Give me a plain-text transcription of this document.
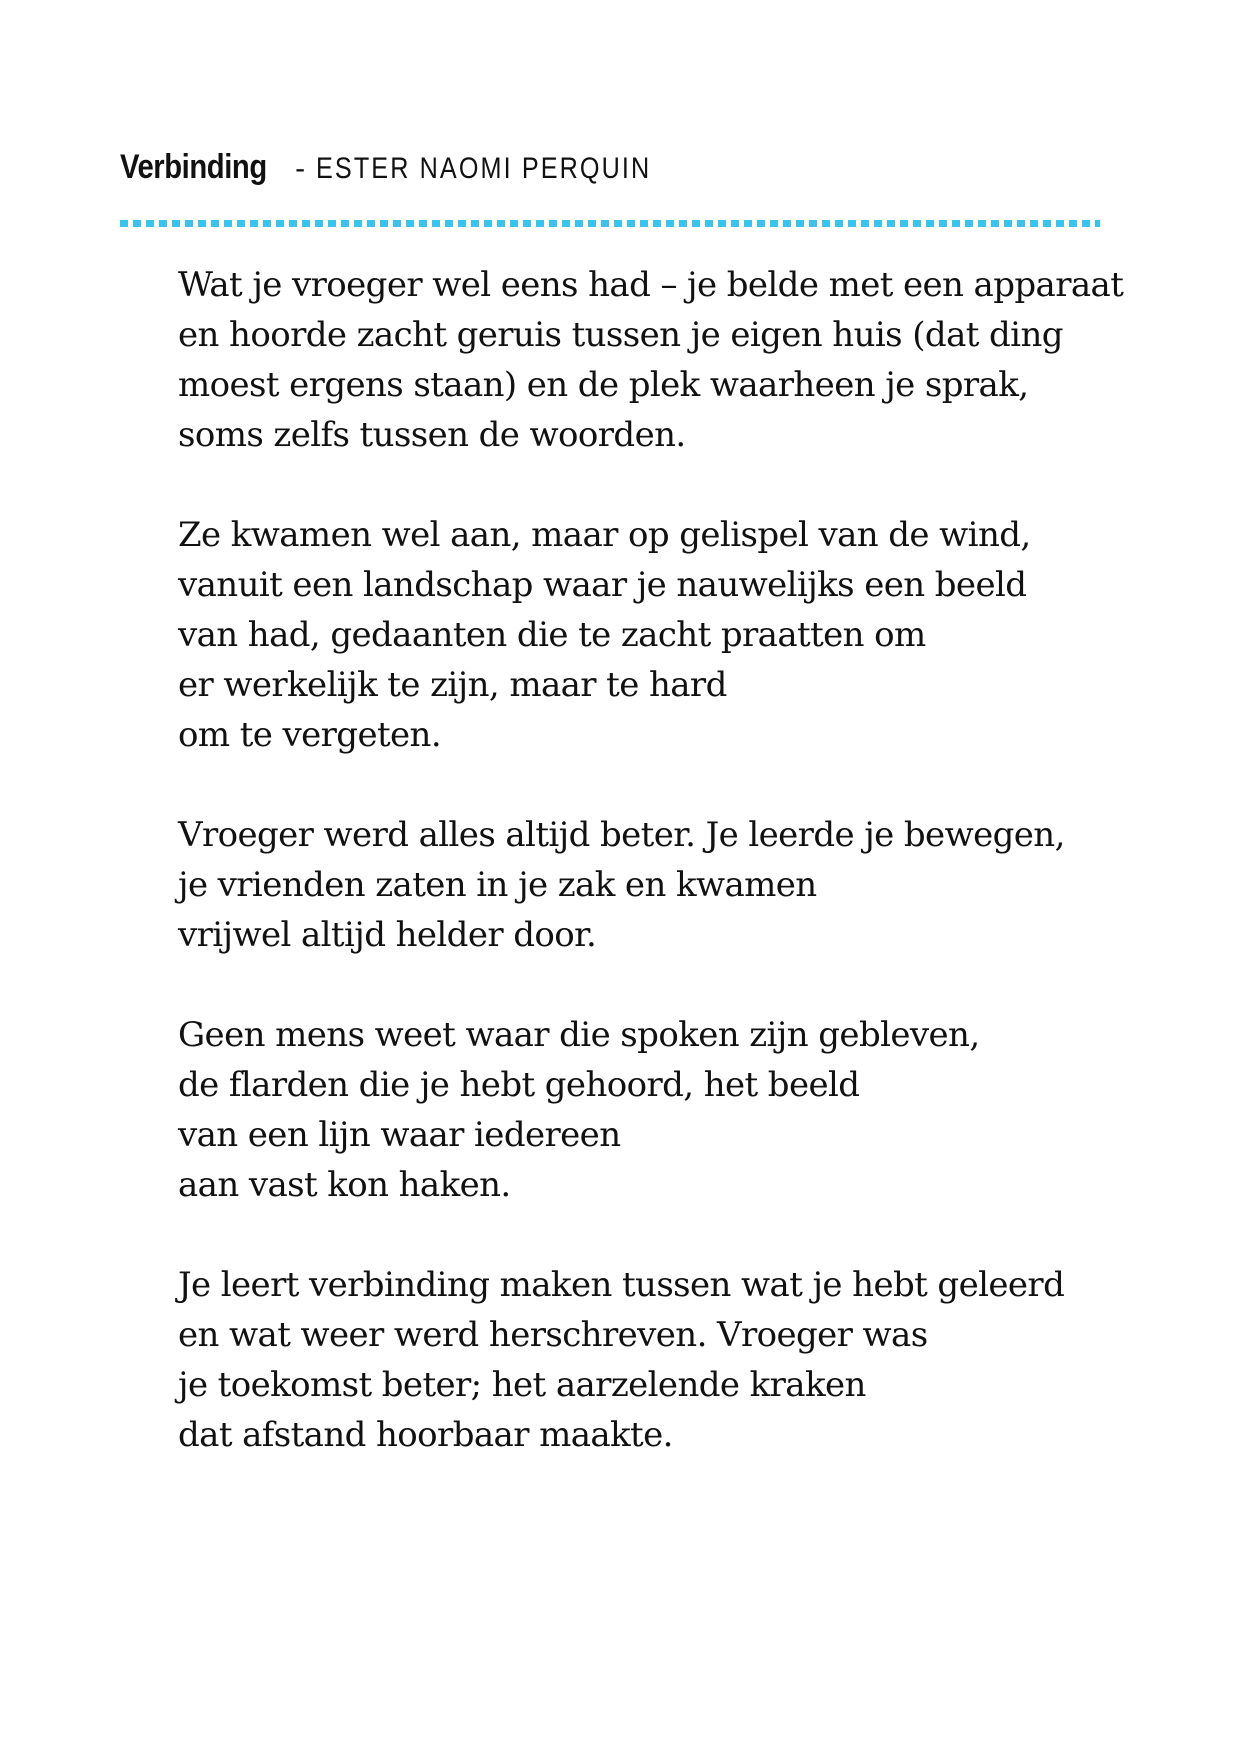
Verbinding - ESTER NAOMI PERQUIN
Wat je vroeger wel eens had – je belde met een apparaat
en hoorde zacht geruis tussen je eigen huis (dat ding
moest ergens staan) en de plek waarheen je sprak,
soms zelfs tussen de woorden.
Ze kwamen wel aan, maar op gelispel van de wind,
vanuit een landschap waar je nauwelijks een beeld
van had, gedaanten die te zacht praatten om
er werkelijk te zijn, maar te hard
om te vergeten.
Vroeger werd alles altijd beter. Je leerde je bewegen,
je vrienden zaten in je zak en kwamen
vrijwel altijd helder door.
Geen mens weet waar die spoken zijn gebleven,
de flarden die je hebt gehoord, het beeld
van een lijn waar iedereen
aan vast kon haken.
Je leert verbinding maken tussen wat je hebt geleerd
en wat weer werd herschreven. Vroeger was
je toekomst beter; het aarzelende kraken
dat afstand hoorbaar maakte.
